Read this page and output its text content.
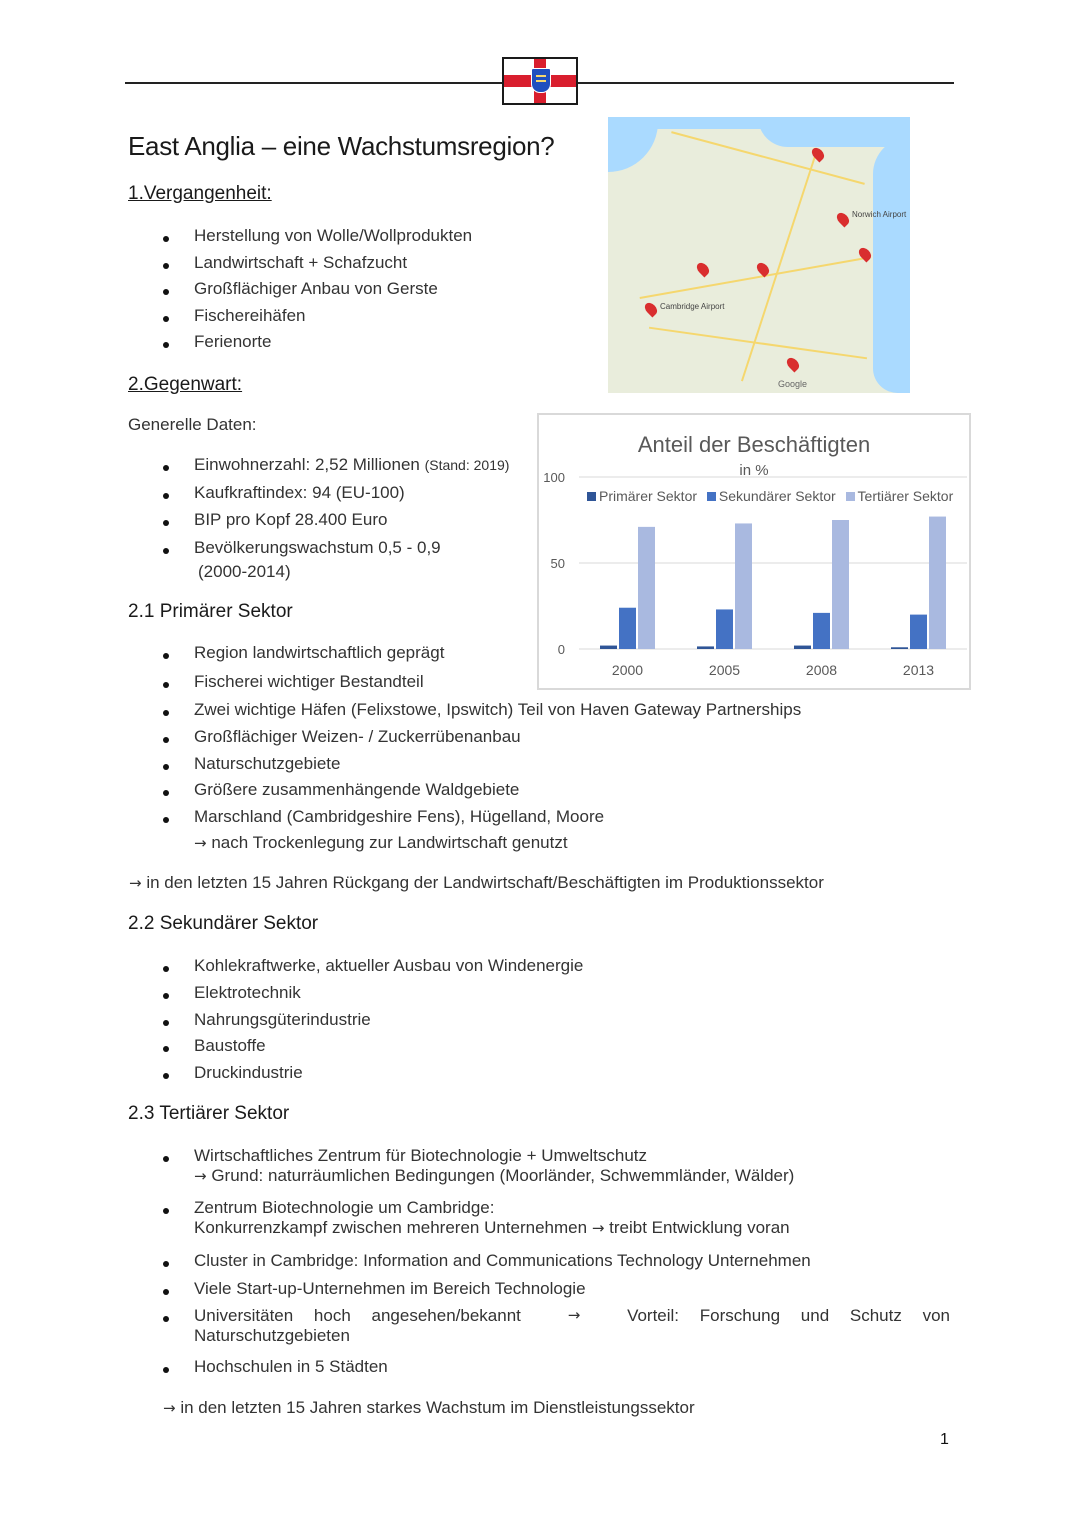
East Anglia – eine Wachstumsregion?
1.Vergangenheit:
Herstellung von Wolle/Wollprodukten
Landwirtschaft + Schafzucht
Großflächiger Anbau von Gerste
Fischereihäfen
Ferienorte
2.Gegenwart:
Generelle Daten:
Einwohnerzahl: 2,52 Millionen (Stand: 2019)
Kaufkraftindex: 94 (EU-100)
BIP pro Kopf 28.400 Euro
Bevölkerungswachstum 0,5 - 0,9
(2000-2014)
2.1 Primärer Sektor
Region landwirtschaftlich geprägt
Fischerei wichtiger Bestandteil
Zwei wichtige Häfen (Felixstowe, Ipswitch) Teil von Haven Gateway Partnerships
Großflächiger Weizen- / Zuckerrübenanbau
Naturschutzgebiete
Größere zusammenhängende Waldgebiete
Marschland (Cambridgeshire Fens), Hügelland, Moore
→ nach Trockenlegung zur Landwirtschaft genutzt
→ in den letzten 15 Jahren Rückgang der Landwirtschaft/Beschäftigten im Produktionssektor
2.2 Sekundärer Sektor
Kohlekraftwerke, aktueller Ausbau von Windenergie
Elektrotechnik
Nahrungsgüterindustrie
Baustoffe
Druckindustrie
2.3 Tertiärer Sektor
Wirtschaftliches Zentrum für Biotechnologie + Umweltschutz
→ Grund: naturräumlichen Bedingungen (Moorländer, Schwemmländer, Wälder)
Zentrum Biotechnologie um Cambridge:
Konkurrenzkampf zwischen mehreren Unternehmen → treibt Entwicklung voran
Cluster in Cambridge: Information and Communications Technology Unternehmen
Viele Start-up-Unternehmen im Bereich Technologie
Universitäten hoch angesehen/bekannt	→	Vorteil: Forschung und Schutz von
Naturschutzgebieten
Hochschulen in 5 Städten
→ in den letzten 15 Jahren starkes Wachstum im Dienstleistungssektor
Norwich Airport
Cambridge Airport
Google
Anteil der Beschäftigten
in %
Primärer Sektor Sekundärer Sektor Tertiärer Sektor
0
50
100
2000	2005	2008	2013
1
